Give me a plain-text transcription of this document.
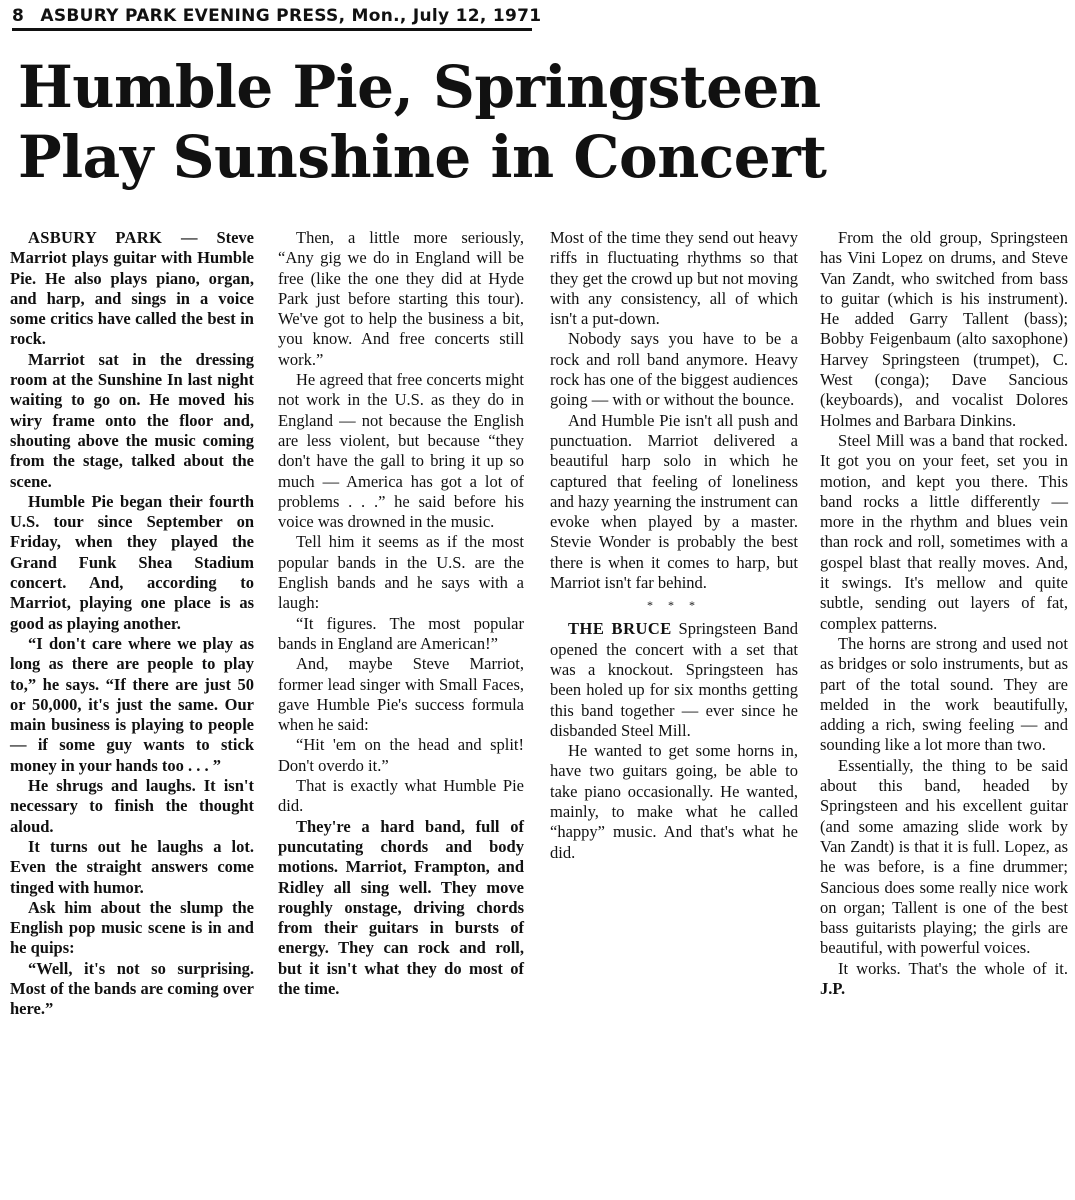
8 ASBURY PARK EVENING PRESS, Mon., July 12, 1971
Humble Pie, Springsteen
Play Sunshine in Concert

ASBURY PARK — Steve Marriot plays guitar with Humble Pie. He also plays piano, organ, and harp, and sings in a voice some critics have called the best in rock.

Marriot sat in the dressing room at the Sunshine In last night waiting to go on. He moved his wiry frame onto the floor and, shouting above the music coming from the stage, talked about the scene.

Humble Pie began their fourth U.S. tour since September on Friday, when they played the Grand Funk Shea Stadium concert. And, according to Marriot, playing one place is as good as playing another.

“I don't care where we play as long as there are people to play to,” he says. “If there are just 50 or 50,000, it's just the same. Our main business is playing to people — if some guy wants to stick money in your hands too . . . ”

He shrugs and laughs. It isn't necessary to finish the thought aloud.

It turns out he laughs a lot. Even the straight answers come tinged with humor.

Ask him about the slump the English pop music scene is in and he quips:

“Well, it's not so surprising. Most of the bands are coming over here.”

Then, a little more seriously, “Any gig we do in England will be free (like the one they did at Hyde Park just before starting this tour). We've got to help the business a bit, you know. And free concerts still work.”

He agreed that free concerts might not work in the U.S. as they do in England — not because the English are less violent, but because “they don't have the gall to bring it up so much — America has got a lot of problems . . .” he said before his voice was drowned in the music.

Tell him it seems as if the most popular bands in the U.S. are the English bands and he says with a laugh:

“It figures. The most popular bands in England are American!”

And, maybe Steve Marriot, former lead singer with Small Faces, gave Humble Pie's success formula when he said:

“Hit 'em on the head and split! Don't overdo it.”

That is exactly what Humble Pie did.

They're a hard band, full of puncutating chords and body motions. Marriot, Frampton, and Ridley all sing well. They move roughly onstage, driving chords from their guitars in bursts of energy. They can rock and roll, but it isn't what they do most of the time.

Most of the time they send out heavy riffs in fluctuating rhythms so that they get the crowd up but not moving with any consistency, all of which isn't a put-down.

Nobody says you have to be a rock and roll band anymore. Heavy rock has one of the biggest audiences going — with or without the bounce.

And Humble Pie isn't all push and punctuation. Marriot delivered a beautiful harp solo in which he captured that feeling of loneliness and hazy yearning the instrument can evoke when played by a master. Stevie Wonder is probably the best there is when it comes to harp, but Marriot isn't far behind.

* * *

THE BRUCE Springsteen Band opened the concert with a set that was a knockout. Springsteen has been holed up for six months getting this band together — ever since he disbanded Steel Mill.

He wanted to get some horns in, have two guitars going, be able to take piano occasionally. He wanted, mainly, to make what he called “happy” music. And that's what he did.

From the old group, Springsteen has Vini Lopez on drums, and Steve Van Zandt, who switched from bass to guitar (which is his instrument). He added Garry Tallent (bass); Bobby Feigenbaum (alto saxophone) Harvey Springsteen (trumpet), C. West (conga); Dave Sancious (keyboards), and vocalist Dolores Holmes and Barbara Dinkins.

Steel Mill was a band that rocked. It got you on your feet, set you in motion, and kept you there. This band rocks a little differently — more in the rhythm and blues vein than rock and roll, sometimes with a gospel blast that really moves. And, it swings. It's mellow and quite subtle, sending out layers of fat, complex patterns.

The horns are strong and used not as bridges or solo instruments, but as part of the total sound. They are melded in the work beautifully, adding a rich, swing feeling — and sounding like a lot more than two.

Essentially, the thing to be said about this band, headed by Springsteen and his excellent guitar (and some amazing slide work by Van Zandt) is that it is full. Lopez, as he was before, is a fine drummer; Sancious does some really nice work on organ; Tallent is one of the best bass guitarists playing; the girls are beautiful, with powerful voices.

It works. That's the whole of it. J.P.
